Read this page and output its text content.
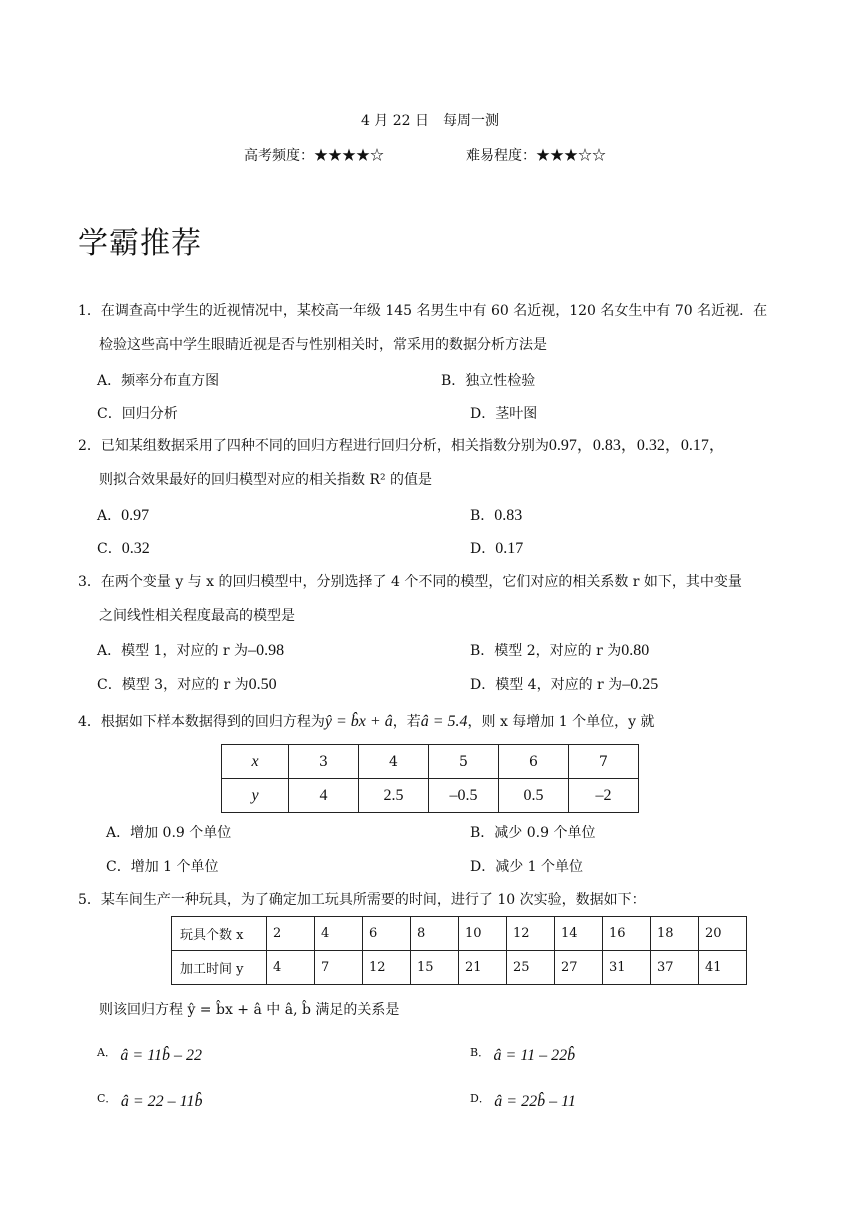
4 月 22 日　每周一测
高考频度：★★★★☆	难易程度：★★★☆☆
学霸推荐
1．在调查高中学生的近视情况中，某校高一年级 145 名男生中有 60 名近视，120 名女生中有 70 名近视．在
检验这些高中学生眼睛近视是否与性别相关时，常采用的数据分析方法是
A．频率分布直方图	B．独立性检验
C．回归分析	D．茎叶图
2．已知某组数据采用了四种不同的回归方程进行回归分析，相关指数分别为0.97，0.83，0.32，0.17，
则拟合效果最好的回归模型对应的相关指数 R² 的值是
A．0.97	B．0.83
C．0.32	D．0.17
3．在两个变量 y 与 x 的回归模型中，分别选择了 4 个不同的模型，它们对应的相关系数 r 如下，其中变量
之间线性相关程度最高的模型是
A．模型 1，对应的 r 为–0.98	B．模型 2，对应的 r 为0.80
C．模型 3，对应的 r 为0.50	D．模型 4，对应的 r 为–0.25
4．根据如下样本数据得到的回归方程为ŷ = b̂x + â，若â = 5.4，则 x 每增加 1 个单位，y 就
x	3	4	5	6	7
y	4	2.5	–0.5	0.5	–2
A．增加 0.9 个单位	B．减少 0.9 个单位
C．增加 1 个单位	D．减少 1 个单位
5．某车间生产一种玩具，为了确定加工玩具所需要的时间，进行了 10 次实验，数据如下：
玩具个数 x	2	4	6	8	10	12	14	16	18	20
加工时间 y	4	7	12	15	21	25	27	31	37	41
则该回归方程 ŷ = b̂x + â 中 â, b̂ 满足的关系是
$^{A.}$ â = 11b̂ – 22	$^{B.}$ â = 11 – 22b̂
$^{C.}$ â = 22 – 11b̂	$^{D.}$ â = 22b̂ – 11
